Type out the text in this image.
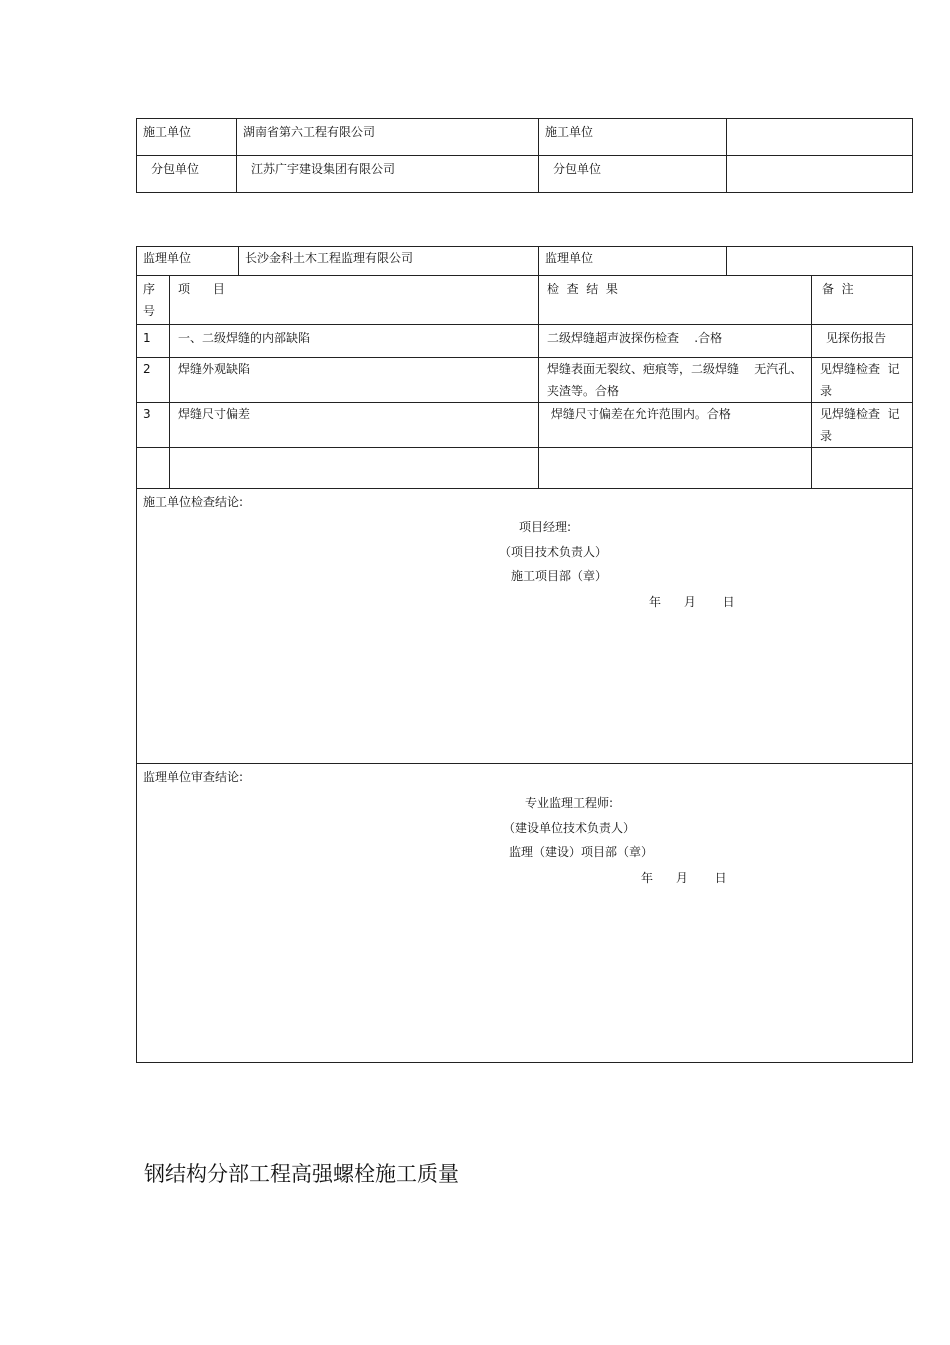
施工单位	湖南省第六工程有限公司	施工单位	
分包单位	江苏广宇建设集团有限公司	分包单位	
监理单位		长沙金科土木工程监理有限公司	监理单位		

序
号	项      目		检  查  结  果		备  注
1	一、二级焊缝的内部缺陷		二级焊缝超声波探伤检查    .合格		见探伤报告
2	焊缝外观缺陷		焊缝表面无裂纹、疤痕等，二级焊缝    无汽孔、夹渣等。合格		见焊缝检查  记录
3	焊缝尺寸偏差		焊缝尺寸偏差在允许范围内。合格		见焊缝检查  记录

施工单位检查结论:
项目经理:
（项目技术负责人）
施工项目部（章）
年      月       日					

监理单位审查结论:
专业监理工程师:
（建设单位技术负责人）
监理（建设）项目部（章）
年      月       日					
钢结构分部工程高强螺栓施工质量
